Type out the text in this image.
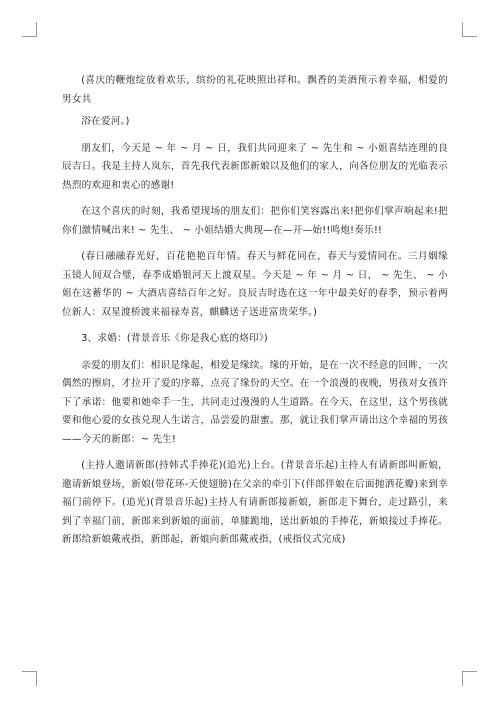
(喜庆的鞭炮绽放着欢乐，缤纷的礼花映照出祥和。飘香的美酒预示着幸福，相爱的男女共

浴在爱河。)

朋友们，今天是 ~ 年 ~ 月 ~ 日，我们共同迎来了 ~ 先生和 ~ 小姐喜结连理的良辰吉日。我是主持人岚东，首先我代表新郎新娘以及他们的家人，向各位朋友的光临表示热烈的欢迎和衷心的感谢!

在这个喜庆的时刻，我希望现场的朋友们：把你们笑容露出来!把你们掌声响起来!把你们激情喊出来! ~ 先生、 ~ 小姐结婚大典现—在—开—始!!鸣炮!奏乐!!

(春日融融春光好，百花艳艳百年情。春天与鲜花同在，春天与爱情同在。三月姻缘玉镜人间双合璧，春季成婚银河天上渡双星。今天是 ~ 年 ~ 月 ~ 日， ~ 先生、 ~ 小姐在这蓄华的 ~ 大酒店喜结百年之好。良辰吉时选在这一年中最美好的春季，预示着两位新人：双星渡桥渡来福禄寿喜，麒麟送子送进富贵荣华。)

3、求婚：(背景音乐《你是我心底的烙印》)

亲爱的朋友们：相识是缘起，相爱是缘续。缘的开始，是在一次不经意的回眸，一次偶然的擦肩，才拉开了爱的序幕，点亮了缘份的天空。在一个浪漫的夜晚，男孩对女孩许下了承诺：他要和她牵手一生，共同走过漫漫的人生道路。在今天，在这里，这个男孩就要和他心爱的女孩兑现人生诺言，品尝爱的甜蜜。那，就让我们掌声请出这个幸福的男孩——今天的新郎：~ 先生!

(主持人邀请新郎(持韩式手捧花)(追光)上台。(背景音乐起)主持人有请新郎叫新娘，邀请新娘登场，新娘(带花环-天使翅膀)在父亲的牵引下(伴郎伴娘在后面抛洒花瓣)来到幸福门前停下。(追光)(背景音乐起)主持人有请新郎接新娘，新郎走下舞台，走过路引，来到了幸福门前，新郎来到新娘的面前，单膝跪地，送出新娘的手捧花，新娘接过手捧花。新郎给新娘戴戒指，新郎起，新娘向新郎戴戒指，(戒指仪式完成)
